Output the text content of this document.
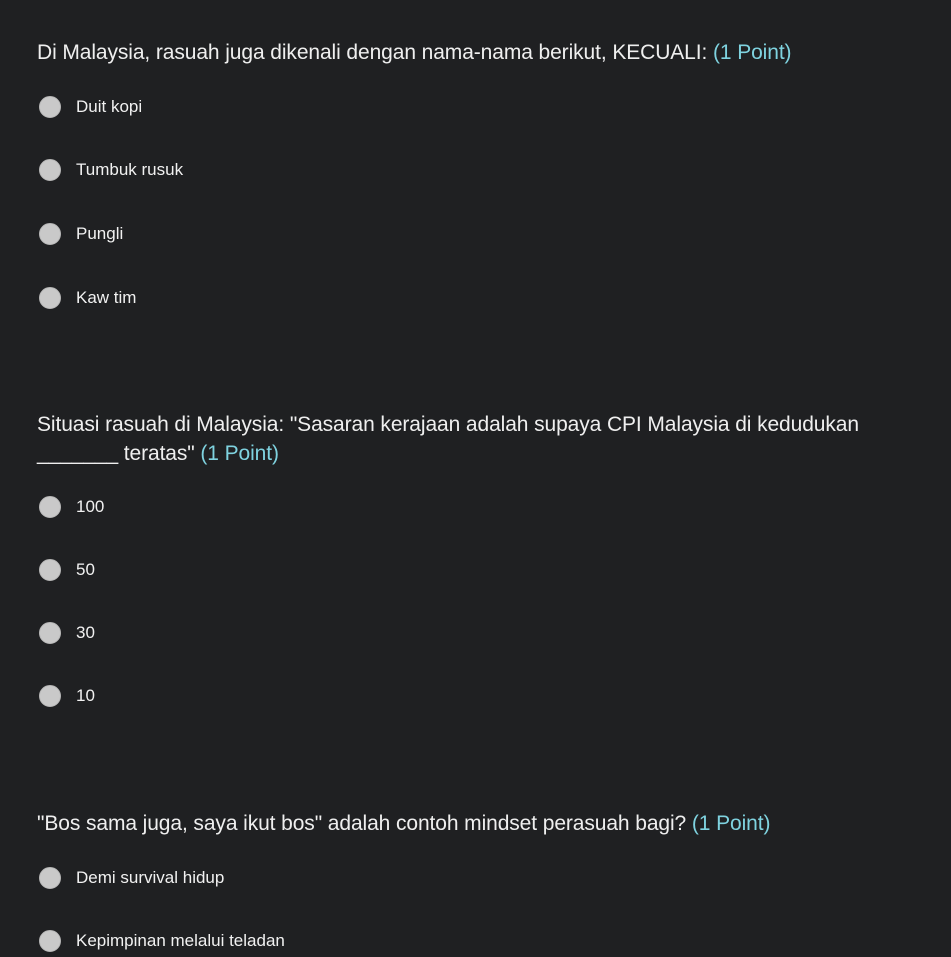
Di Malaysia, rasuah juga dikenali dengan nama-nama berikut, KECUALI: (1 Point)

Duit kopi
Tumbuk rusuk
Pungli
Kaw tim

Situasi rasuah di Malaysia: "Sasaran kerajaan adalah supaya CPI Malaysia di kedudukan _______ teratas" (1 Point)

100
50
30
10

"Bos sama juga, saya ikut bos" adalah contoh mindset perasuah bagi? (1 Point)

Demi survival hidup
Kepimpinan melalui teladan
